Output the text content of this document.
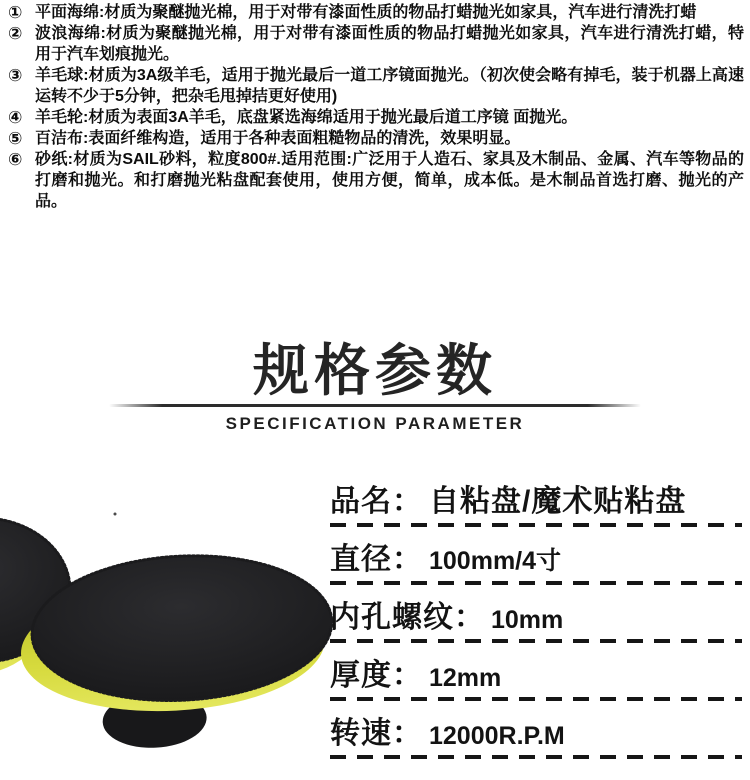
① 平面海绵:材质为聚醚抛光棉，用于对带有漆面性质的物品打蜡抛光如家具，汽车进行清洗打蜡
② 波浪海绵:材质为聚醚抛光棉，用于对带有漆面性质的物品打蜡抛光如家具，汽车进行清洗打蜡，特用于汽车划痕抛光。
③ 羊毛球:材质为3A级羊毛，适用于抛光最后一道工序镜面抛光。（初次使会略有掉毛，装于机器上高速运转不少于5分钟，把杂毛甩掉拮更好使用)
④ 羊毛轮:材质为表面3A羊毛，底盘紧选海绵适用于抛光最后道工序镜 面抛光。
⑤ 百洁布:表面纤维构造，适用于各种表面粗糙物品的清洗，效果明显。
⑥ 砂纸:材质为SAIL砂料，粒度800#.适用范围:广泛用于人造石、家具及木制品、金属、汽车等物品的打磨和抛光。和打磨抛光粘盘配套使用，使用方便，简单，成本低。是木制品首选打磨、抛光的产品。
规格参数
SPECIFICATION PARAMETER
品名： 自粘盘/魔术贴粘盘
直径： 100mm/4寸
内孔螺纹： 10mm
厚度： 12mm
转速： 12000R.P.M
